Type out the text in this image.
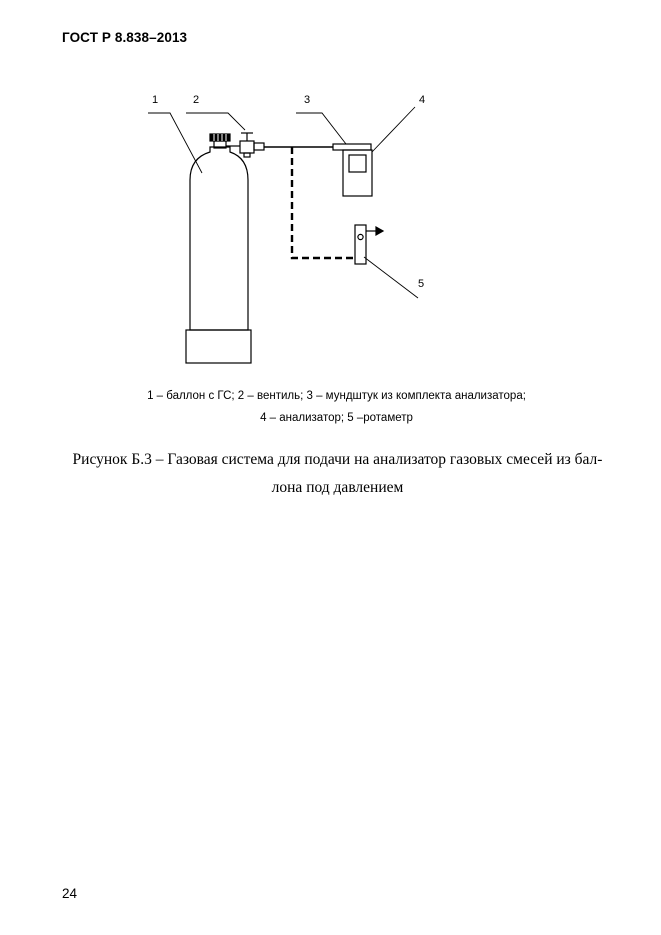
ГОСТ Р 8.838–2013
1	2	3	4
5
1 – баллон с ГС; 2 – вентиль; 3 – мундштук из комплекта анализатора;
4 – анализатор; 5 –ротаметр
Рисунок Б.3 – Газовая система для подачи на анализатор газовых смесей из бал-
лона под давлением
24
